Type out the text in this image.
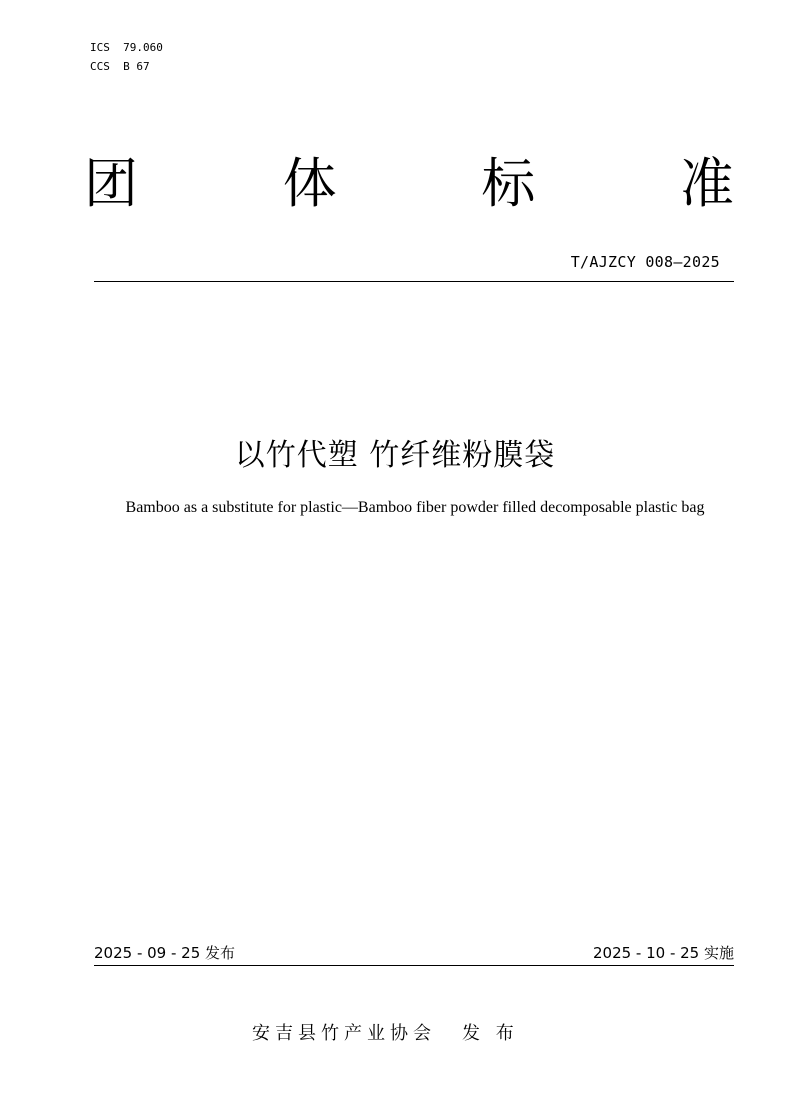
ICS  79.060
CCS  B 67
团	体	标	准
T/AJZCY 008—2025
以竹代塑 竹纤维粉膜袋
Bamboo as a substitute for plastic—Bamboo fiber powder filled decomposable plastic bag
2025 - 09 - 25 发布	2025 - 10 - 25 实施
安吉县竹产业协会 发 布
